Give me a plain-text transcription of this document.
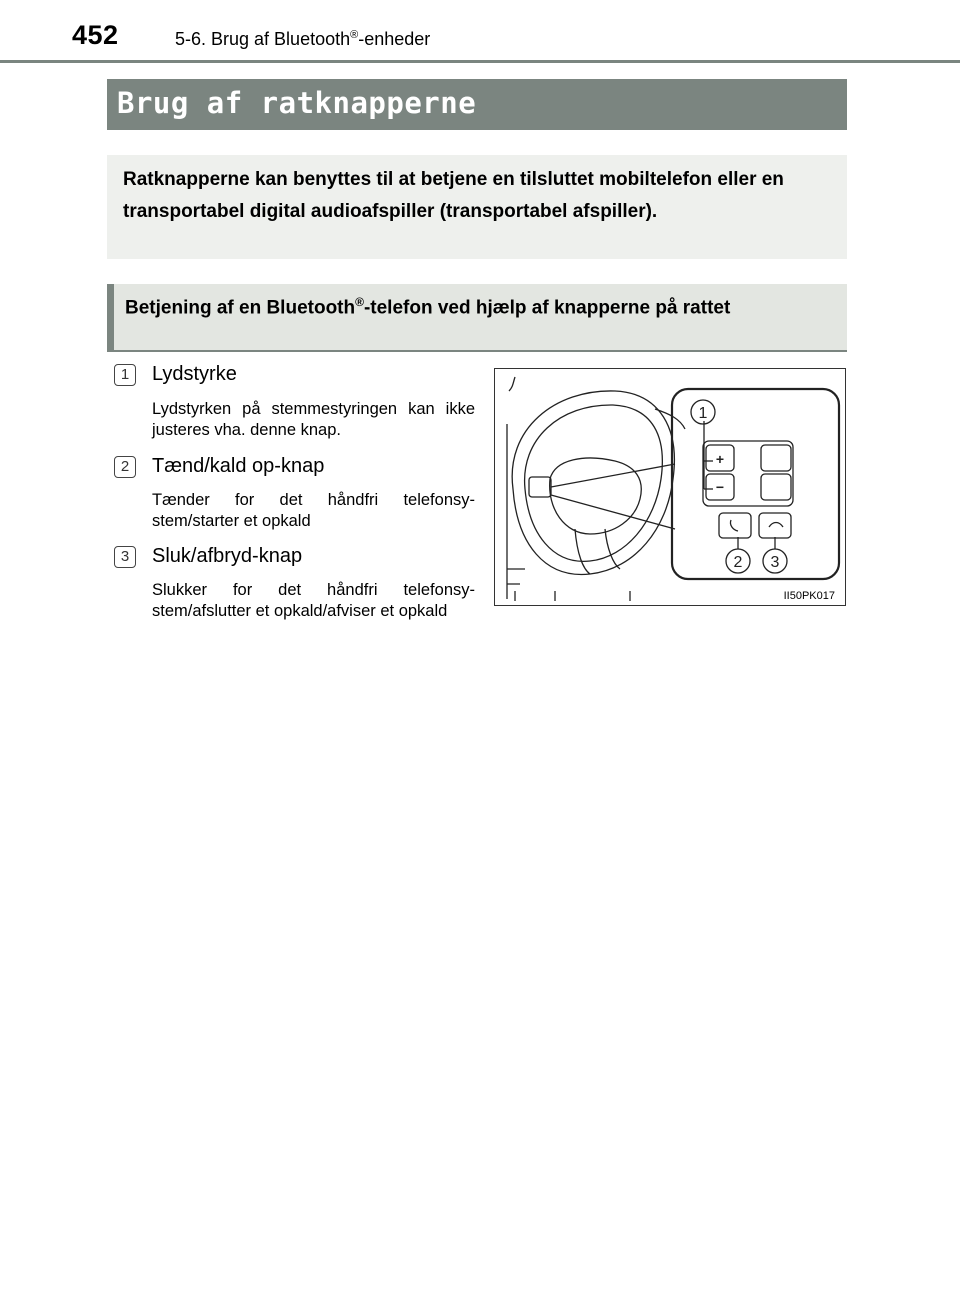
452	5-6. Brug af Bluetooth®-enheder
Brug af ratknapperne
Ratknapperne kan benyttes til at betjene en tilsluttet mobiltelefon eller en transportabel digital audioafspiller (transportabel afspiller).
Betjening af en Bluetooth®-telefon ved hjælp af knapperne på rattet
1	Lydstyrke
Lydstyrken på stemmestyringen kan ikke justeres vha. denne knap.
2	Tænd/kald op-knap
Tænder for det håndfri telefonsy-stem/starter et opkald
3	Sluk/afbryd-knap
Slukker for det håndfri telefonsy-stem/afslutter et opkald/afviser et opkald
1
2 3
+
−
II50PK017
